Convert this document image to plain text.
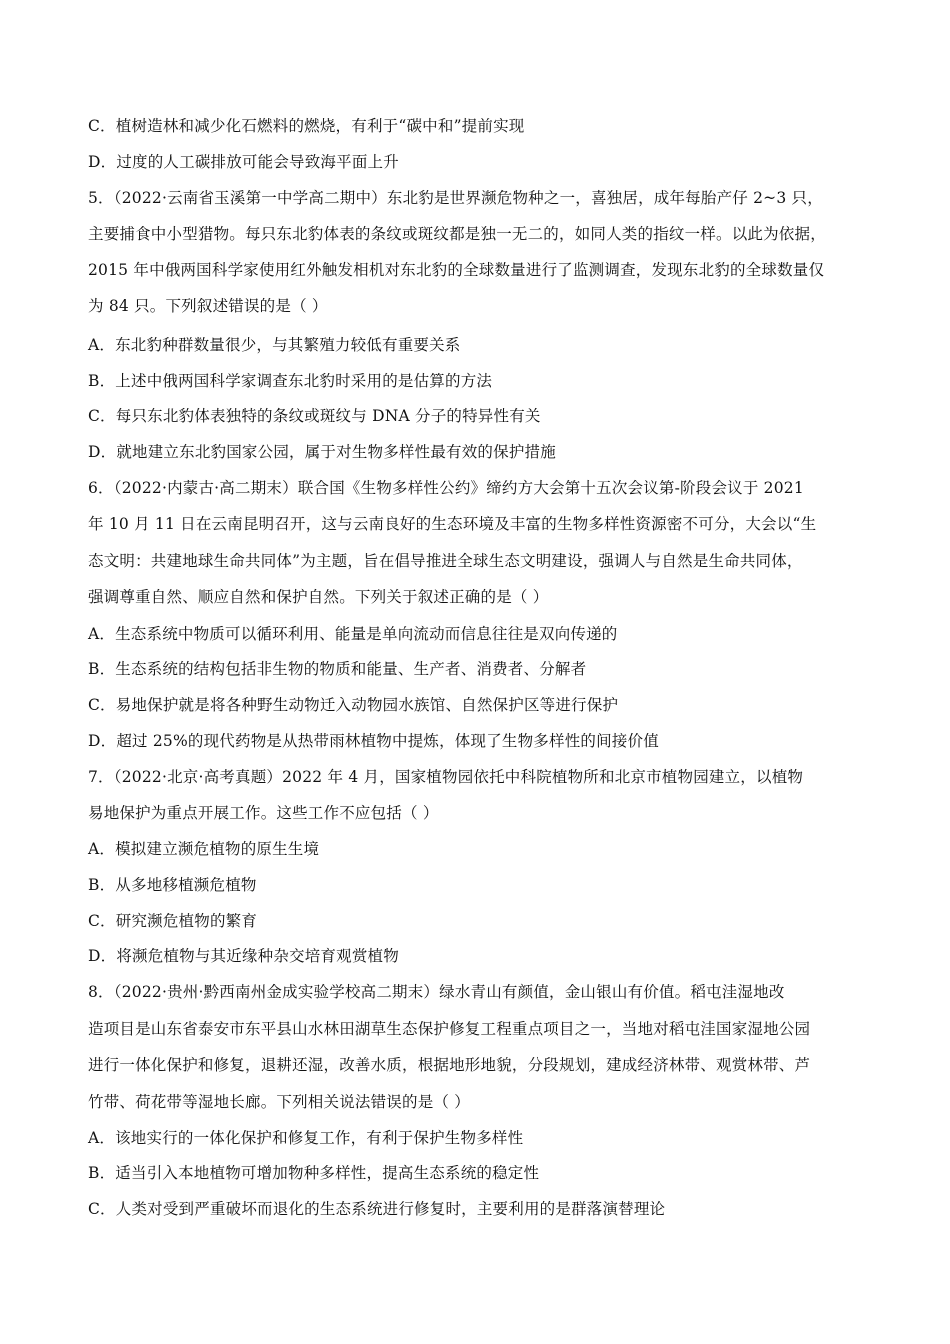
C．植树造林和减少化石燃料的燃烧，有利于“碳中和”提前实现
D．过度的人工碳排放可能会导致海平面上升
5．（2022·云南省玉溪第一中学高二期中）东北豹是世界濒危物种之一，喜独居，成年每胎产仔 2~3 只，
主要捕食中小型猎物。每只东北豹体表的条纹或斑纹都是独一无二的，如同人类的指纹一样。以此为依据，
2015 年中俄两国科学家使用红外触发相机对东北豹的全球数量进行了监测调查，发现东北豹的全球数量仅
为 84 只。下列叙述错误的是（ ）
A．东北豹种群数量很少，与其繁殖力较低有重要关系
B．上述中俄两国科学家调查东北豹时采用的是估算的方法
C．每只东北豹体表独特的条纹或斑纹与 DNA 分子的特异性有关
D．就地建立东北豹国家公园，属于对生物多样性最有效的保护措施
6．（2022·内蒙古·高二期末）联合国《生物多样性公约》缔约方大会第十五次会议第-阶段会议于 2021
年 10 月 11 日在云南昆明召开，这与云南良好的生态环境及丰富的生物多样性资源密不可分，大会以“生
态文明：共建地球生命共同体”为主题，旨在倡导推进全球生态文明建设，强调人与自然是生命共同体，
强调尊重自然、顺应自然和保护自然。下列关于叙述正确的是（ ）
A．生态系统中物质可以循环利用、能量是单向流动而信息往往是双向传递的
B．生态系统的结构包括非生物的物质和能量、生产者、消费者、分解者
C．易地保护就是将各种野生动物迁入动物园水族馆、自然保护区等进行保护
D．超过 25%的现代药物是从热带雨林植物中提炼，体现了生物多样性的间接价值
7．（2022·北京·高考真题）2022 年 4 月，国家植物园依托中科院植物所和北京市植物园建立，以植物
易地保护为重点开展工作。这些工作不应包括（ ）
A．模拟建立濒危植物的原生生境
B．从多地移植濒危植物
C．研究濒危植物的繁育
D．将濒危植物与其近缘种杂交培育观赏植物
8．（2022·贵州·黔西南州金成实验学校高二期末）绿水青山有颜值，金山银山有价值。稻屯洼湿地改
造项目是山东省泰安市东平县山水林田湖草生态保护修复工程重点项目之一，当地对稻屯洼国家湿地公园
进行一体化保护和修复，退耕还湿，改善水质，根据地形地貌，分段规划，建成经济林带、观赏林带、芦
竹带、荷花带等湿地长廊。下列相关说法错误的是（ ）
A．该地实行的一体化保护和修复工作，有利于保护生物多样性
B．适当引入本地植物可增加物种多样性，提高生态系统的稳定性
C．人类对受到严重破坏而退化的生态系统进行修复时，主要利用的是群落演替理论
